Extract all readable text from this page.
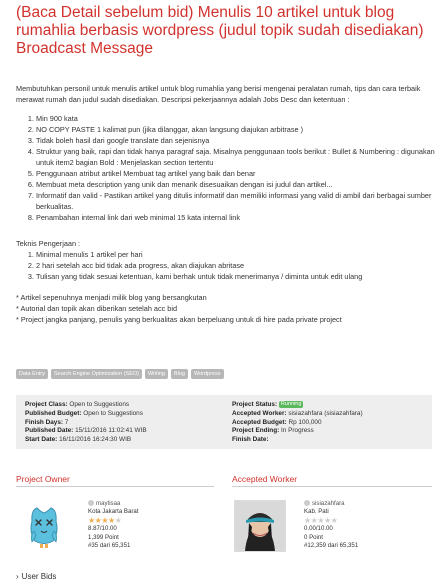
(Baca Detail sebelum bid) Menulis 10 artikel untuk blog rumahlia berbasis wordpress (judul topik sudah disediakan) Broadcast Message

Membutuhkan personil untuk menulis artikel untuk blog rumahlia yang berisi mengenai peralatan rumah, tips dan cara terbaik merawat rumah dan judul sudah disediakan. Descripsi pekerjaannya adalah Jobs Desc dan ketentuan :

1. Min 900 kata
2. NO COPY PASTE 1 kalimat pun (jika dilanggar, akan langsung diajukan arbitrase )
3. Tidak boleh hasil dari google translate dan sejenisnya
4. Struktur yang baik, rapi dan tidak hanya paragraf saja. Misalnya penggunaan tools berikut : Bullet & Numbering : digunakan untuk item2 bagian Bold : Menjelaskan section tertentu
5. Penggunaan atribut artikel Membuat tag artikel yang baik dan benar
6. Membuat meta description yang unik dan menarik disesuaikan dengan isi judul dan artikel...
7. Informatif dan valid - Pastikan artikel yang ditulis informatif dan memiliki informasi yang valid di ambil dari berbagai sumber berkualitas.
8. Penambahan internal link dari web minimal 15 kata internal link

Teknis Pengerjaan :

1. Minimal menulis 1 artikel per hari
2. 2 hari setelah acc bid tidak ada progress, akan diajukan abritase
3. Tulisan yang tidak sesuai ketentuan, kami berhak untuk tidak menerimanya / diminta untuk edit ulang

* Artikel sepenuhnya menjadi milik blog yang bersangkutan

* Autorial dan topik akan diberikan setelah acc bid

* Project jangka panjang, penulis yang berkualitas akan berpeluang untuk di hire pada private project

Data Entry	Search Engine Optimization (SEO)	Writing	Blog	Wordpress
Project Class: Open to Suggestions
Published Budget: Open to Suggestions
Finish Days: 7
Published Date: 15/11/2016 11:02:41 WIB
Start Date: 16/11/2016 16:24:30 WIB
Project Status: Running
Accepted Worker: sisiazahfara (sisiazahfara)
Accepted Budget: Rp 100,000
Project Ending: In Progress
Finish Date:
Project Owner
maytisaa
Kota Jakarta Barat
★★★★★
8.87/10.00
1,399 Point
#35 dari 65,351
Accepted Worker
sisiazahfara
Kab. Pati
★★★★★
0.00/10.00
0 Point
#12,359 dari 65,351
› User Bids
